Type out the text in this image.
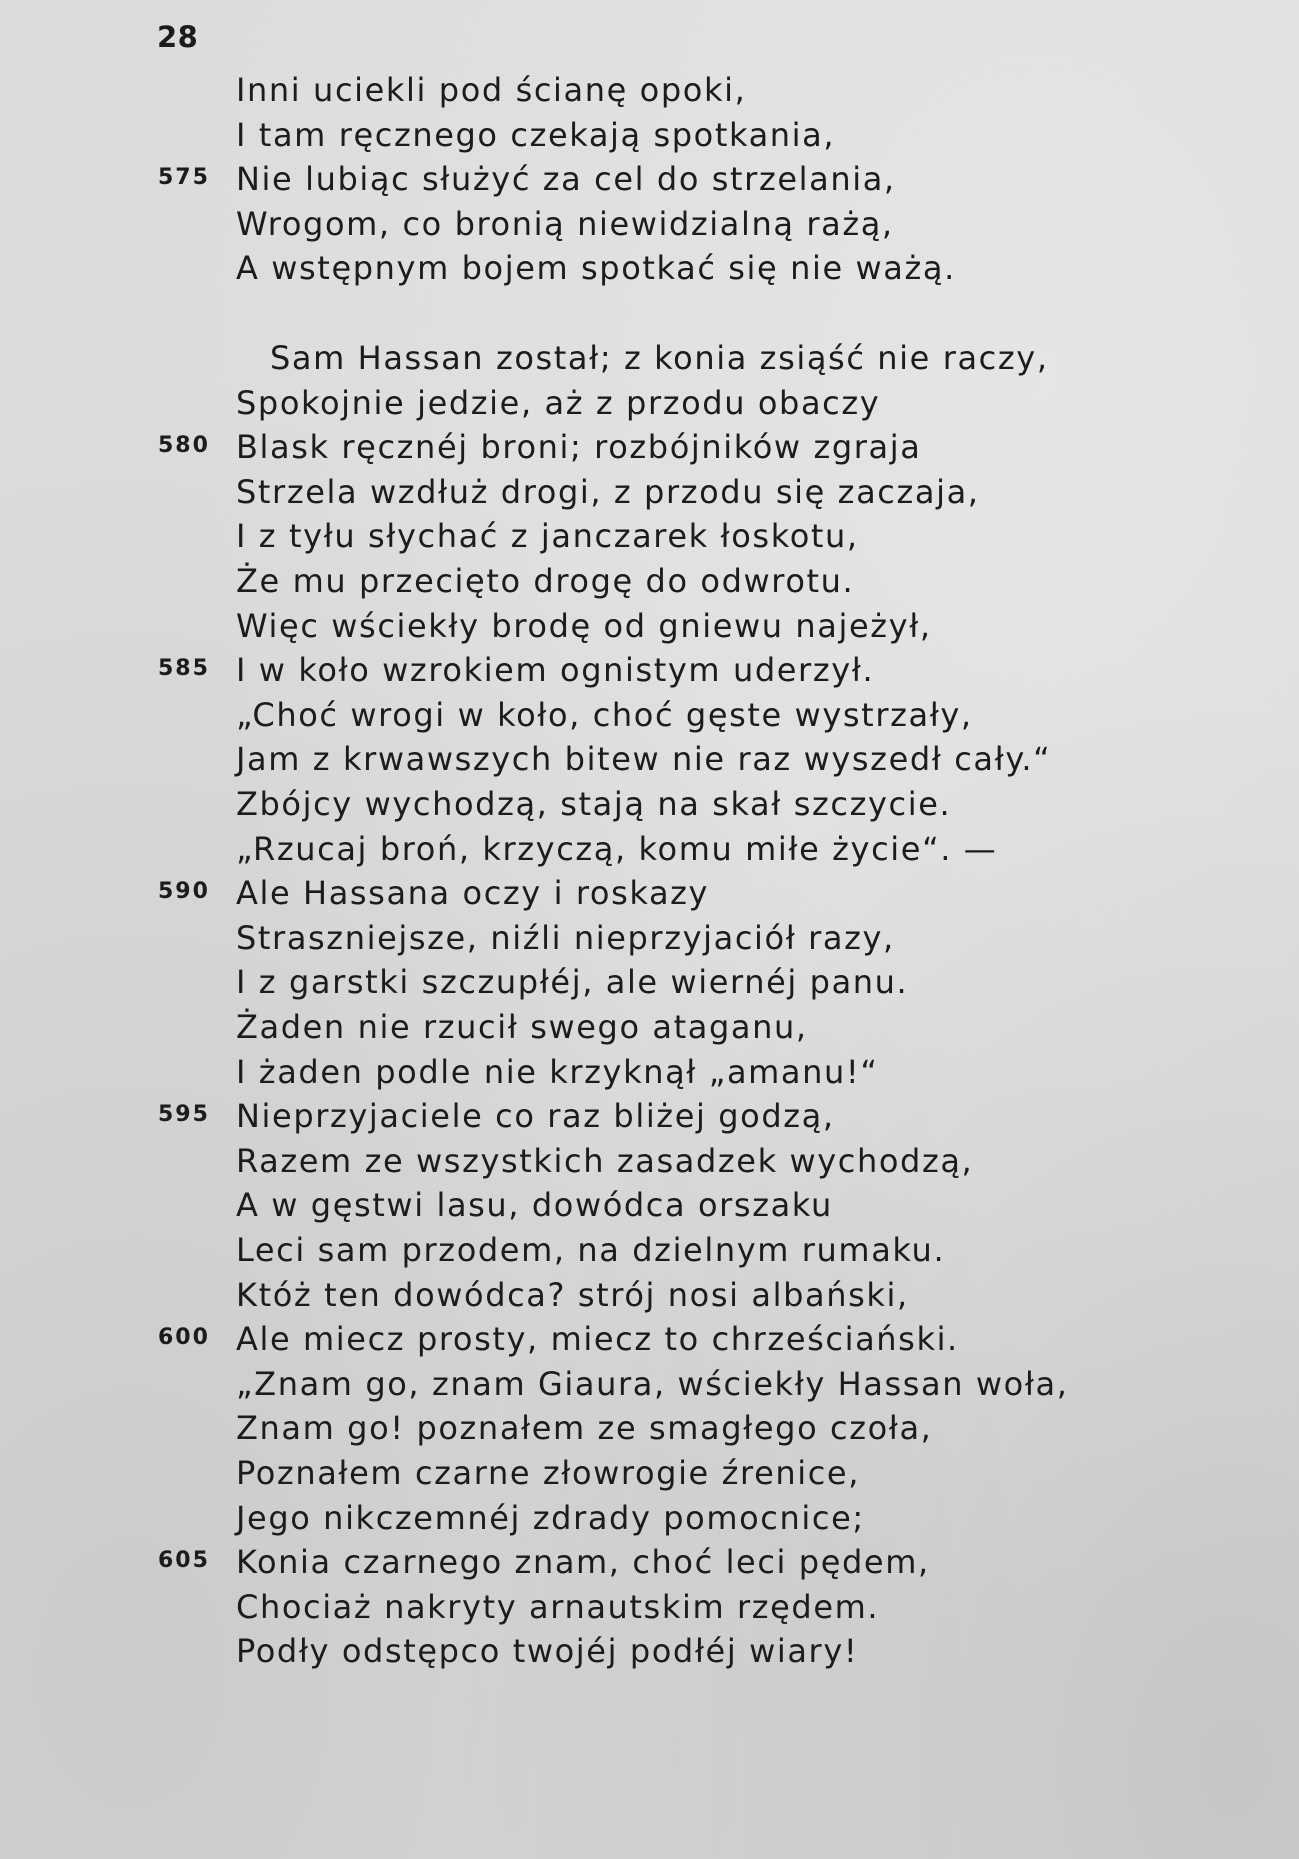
28
Inni uciekli pod ścianę opoki,
I tam ręcznego czekają spotkania,
575 Nie lubiąc służyć za cel do strzelania,
Wrogom, co bronią niewidzialną rażą,
A wstępnym bojem spotkać się nie ważą.
Sam Hassan został; z konia zsiąść nie raczy,
Spokojnie jedzie, aż z przodu obaczy
580 Blask ręcznéj broni; rozbójników zgraja
Strzela wzdłuż drogi, z przodu się zaczaja,
I z tyłu słychać z janczarek łoskotu,
Że mu przecięto drogę do odwrotu.
Więc wściekły brodę od gniewu najeżył,
585 I w koło wzrokiem ognistym uderzył.
„Choć wrogi w koło, choć gęste wystrzały,
Jam z krwawszych bitew nie raz wyszedł cały.“
Zbójcy wychodzą, stają na skał szczycie.
„Rzucaj broń, krzyczą, komu miłe życie“. —
590 Ale Hassana oczy i roskazy
Straszniejsze, niźli nieprzyjaciół razy,
I z garstki szczupłéj, ale wiernéj panu.
Żaden nie rzucił swego ataganu,
I żaden podle nie krzyknął „amanu!“
595 Nieprzyjaciele co raz bliżej godzą,
Razem ze wszystkich zasadzek wychodzą,
A w gęstwi lasu, dowódca orszaku
Leci sam przodem, na dzielnym rumaku.
Któż ten dowódca? strój nosi albański,
600 Ale miecz prosty, miecz to chrześciański.
„Znam go, znam Giaura, wściekły Hassan woła,
Znam go! poznałem ze smagłego czoła,
Poznałem czarne złowrogie źrenice,
Jego nikczemnéj zdrady pomocnice;
605 Konia czarnego znam, choć leci pędem,
Chociaż nakryty arnautskim rzędem.
Podły odstępco twojéj podłéj wiary!
